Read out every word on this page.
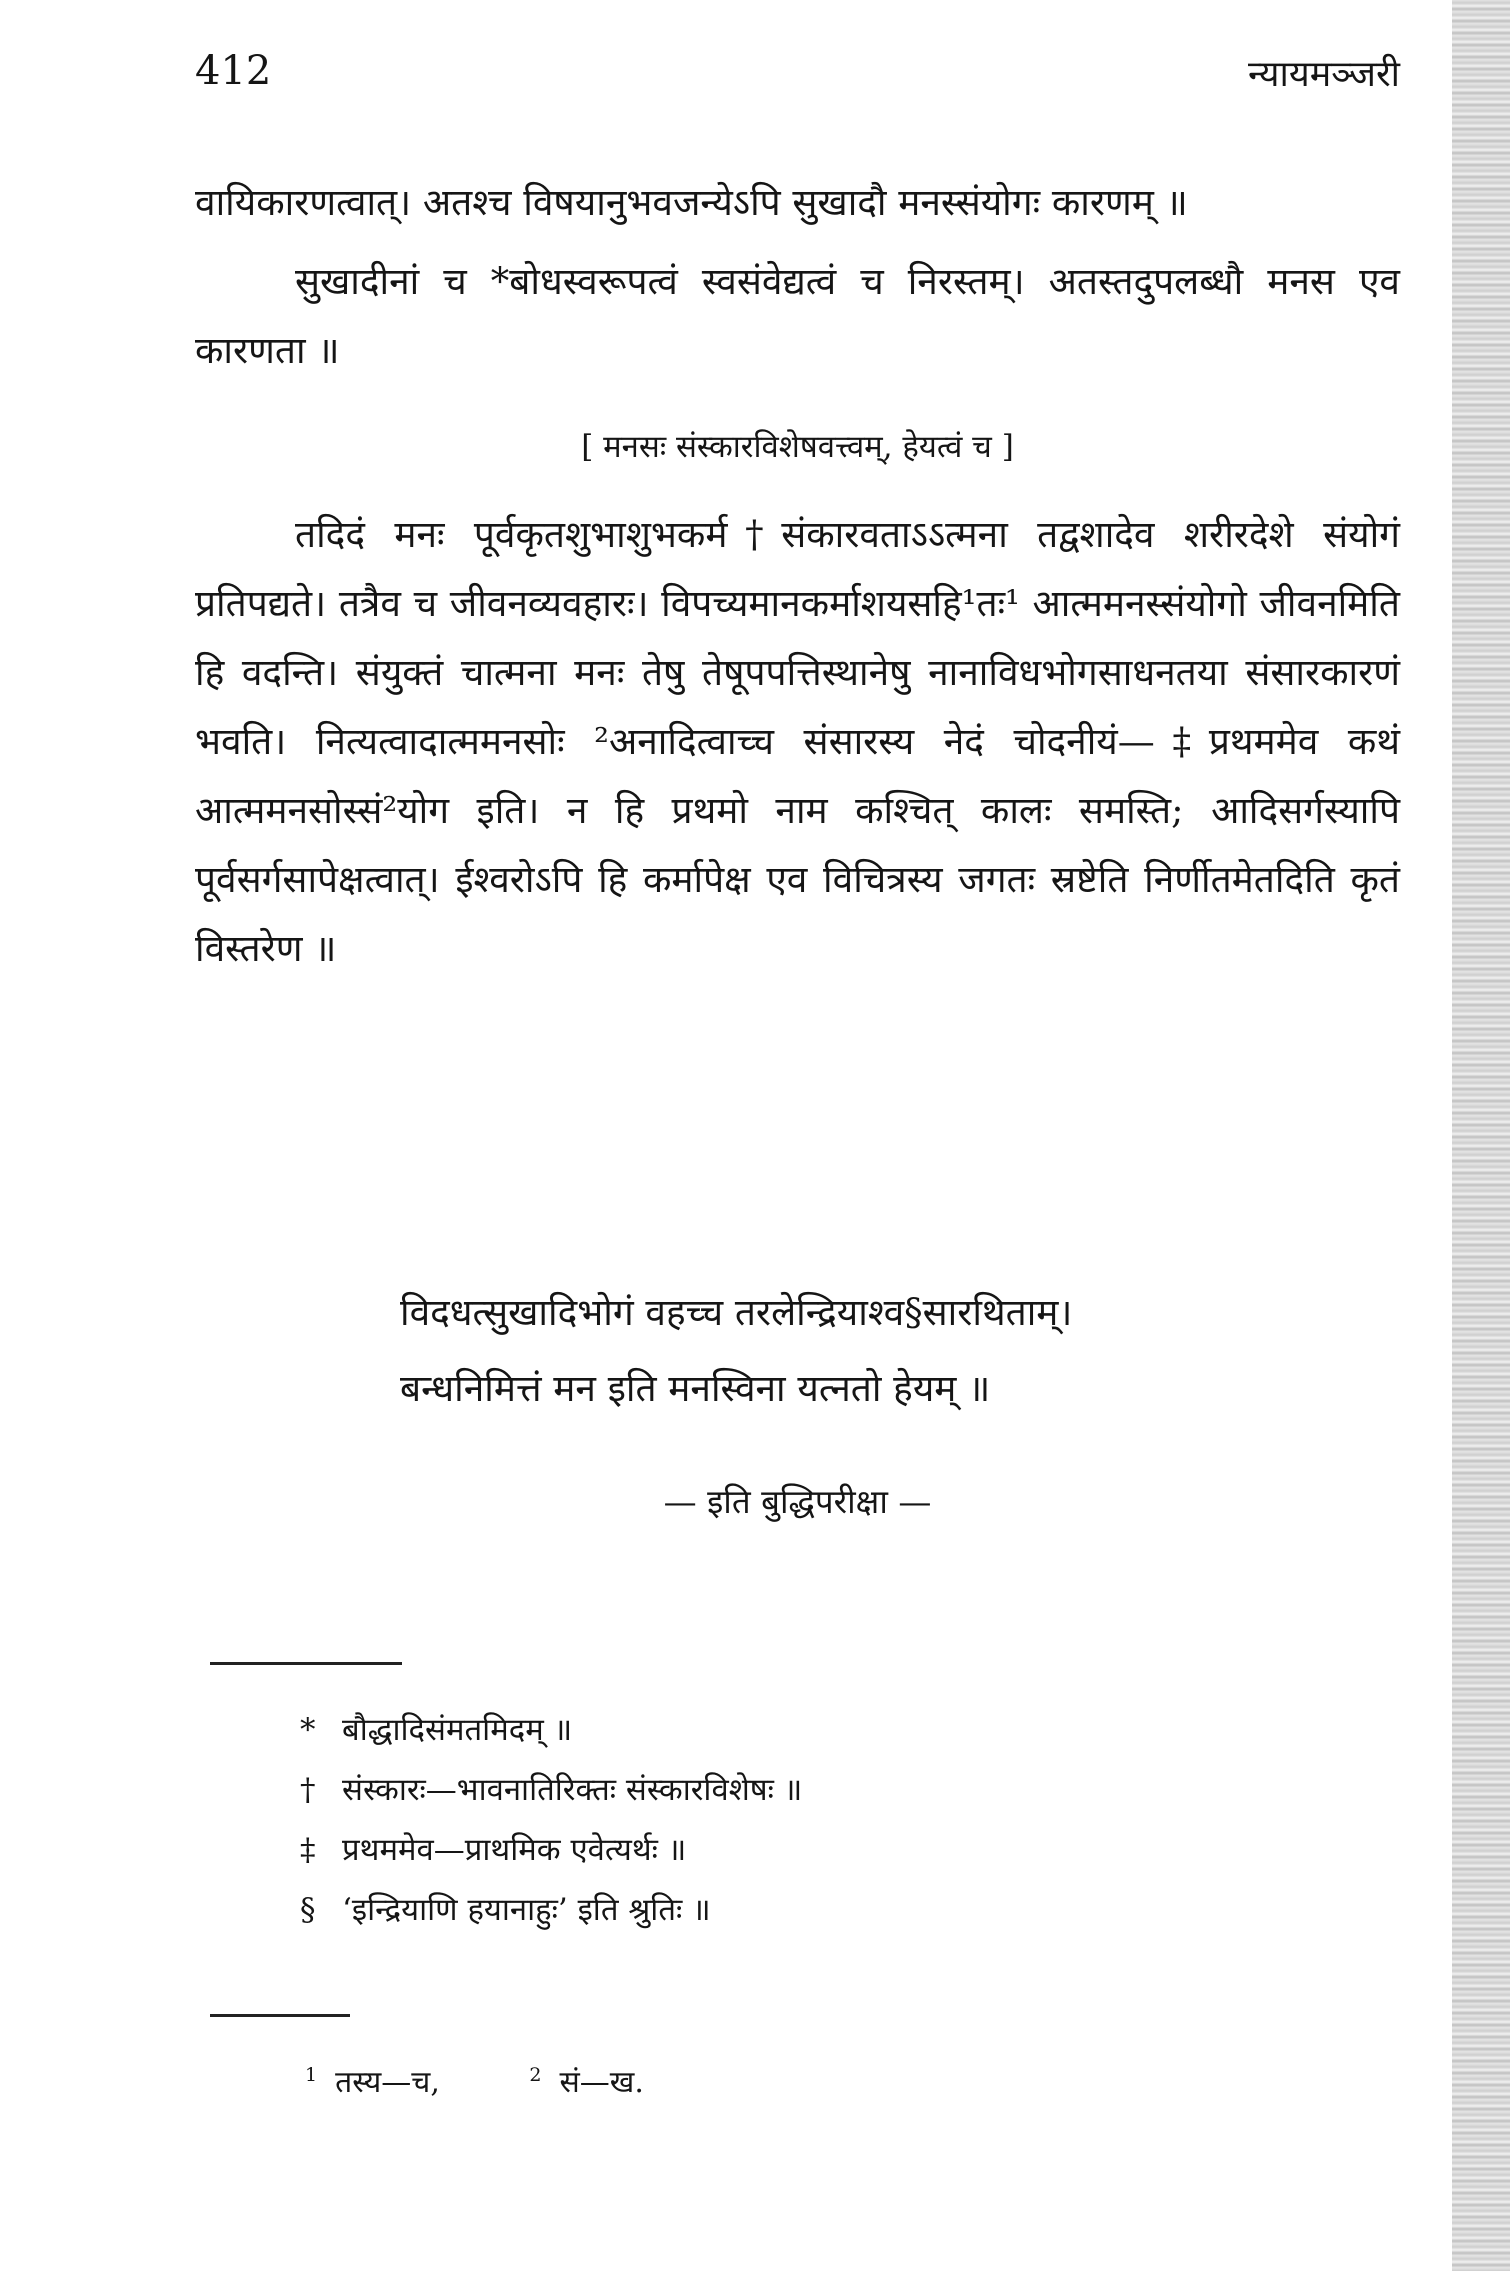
412	न्यायमञ्जरी

वायिकारणत्वात्। अतश्च विषयानुभवजन्येऽपि सुखादौ मनस्संयोगः कारणम् ॥

सुखादीनां च *बोधस्वरूपत्वं स्वसंवेद्यत्वं च निरस्तम्। अतस्तदुपलब्धौ मनस एव कारणता ॥

[ मनसः संस्कारविशेषवत्त्वम्, हेयत्वं च ]

तदिदं मनः पूर्वकृतशुभाशुभकर्म†संकारवताऽऽत्मना तद्वशादेव शरीरदेशे संयोगं प्रतिपद्यते। तत्रैव च जीवनव्यवहारः। विपच्यमानकर्माशयसहि¹तः¹ आत्ममनस्संयोगो जीवनमिति हि वदन्ति। संयुक्तं चात्मना मनः तेषु तेषूपपत्तिस्थानेषु नानाविधभोगसाधनतया संसारकारणं भवति। नित्यत्वादात्ममनसोः ²अनादित्वाच्च संसारस्य नेदं चोदनीयं—‡प्रथममेव कथं आत्ममनसोस्सं²योग इति। न हि प्रथमो नाम कश्चित् कालः समस्ति; आदिसर्गस्यापि पूर्वसर्गसापेक्षत्वात्। ईश्वरोऽपि हि कर्मापेक्ष एव विचित्रस्य जगतः स्रष्टेति निर्णीतमेतदिति कृतं विस्तरेण ॥

विदधत्सुखादिभोगं वहच्च तरलेन्द्रियाश्व§सारथिताम्।
बन्धनिमित्तं मन इति मनस्विना यत्नतो हेयम् ॥
— इति बुद्धिपरीक्षा —
* बौद्धादिसंमतमिदम् ॥
† संस्कारः—भावनातिरिक्तः संस्कारविशेषः ॥
‡ प्रथममेव—प्राथमिक एवेत्यर्थः ॥
§ ‘इन्द्रियाणि हयानाहुः’ इति श्रुतिः ॥
$^1$ तस्य—च,	$^2$ सं—ख.
